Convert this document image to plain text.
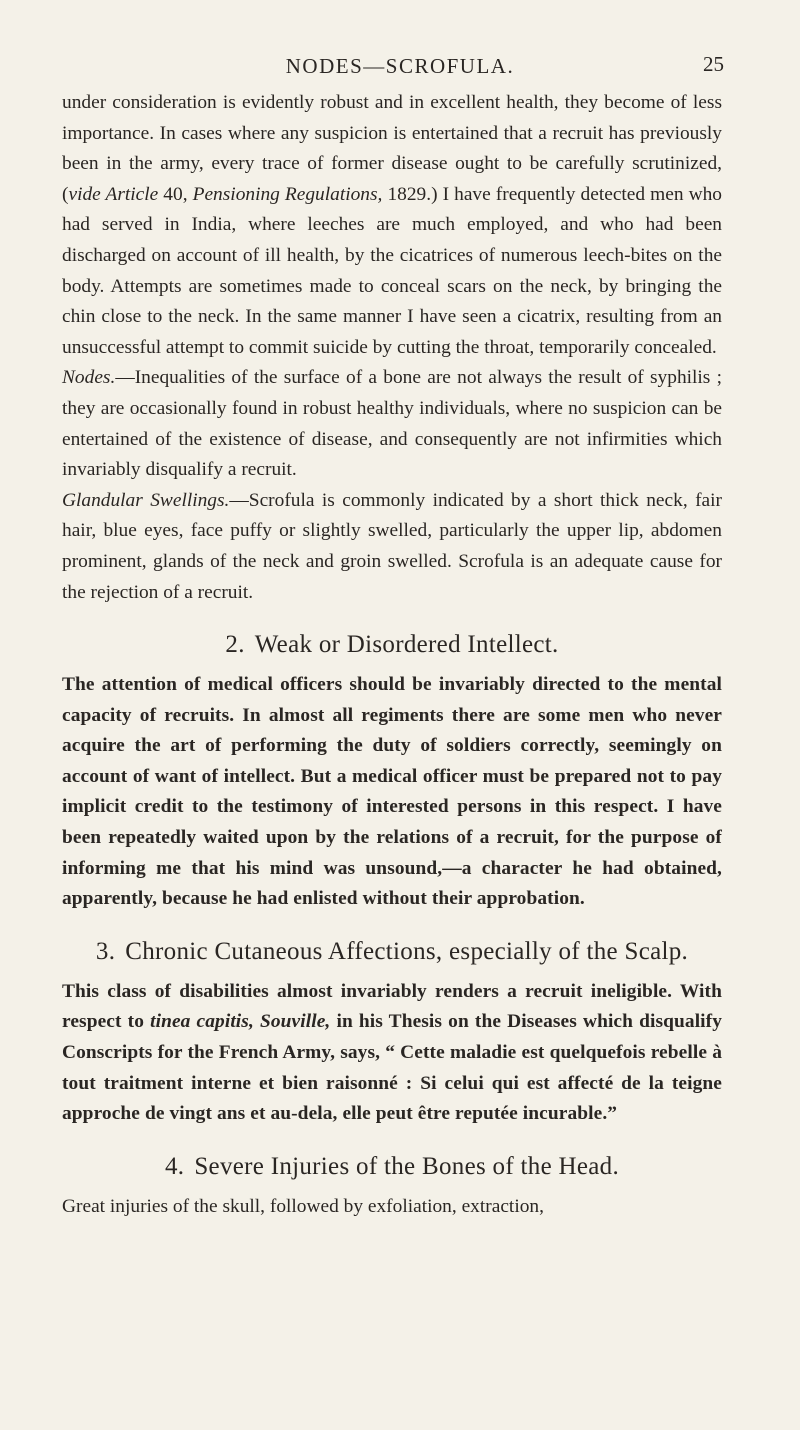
NODES—SCROFULA.	25

under consideration is evidently robust and in excellent health, they become of less importance. In cases where any suspicion is entertained that a recruit has previously been in the army, every trace of former disease ought to be carefully scrutinized, (vide Article 40, Pensioning Regulations, 1829.) I have frequently detected men who had served in India, where leeches are much employed, and who had been discharged on account of ill health, by the cicatrices of numerous leech-bites on the body. Attempts are sometimes made to conceal scars on the neck, by bringing the chin close to the neck. In the same manner I have seen a cicatrix, resulting from an unsuccessful attempt to commit suicide by cutting the throat, temporarily concealed.

Nodes.—Inequalities of the surface of a bone are not always the result of syphilis ; they are occasionally found in robust healthy individuals, where no suspicion can be entertained of the existence of disease, and consequently are not infirmities which invariably disqualify a recruit.

Glandular Swellings.—Scrofula is commonly indicated by a short thick neck, fair hair, blue eyes, face puffy or slightly swelled, particularly the upper lip, abdomen prominent, glands of the neck and groin swelled. Scrofula is an adequate cause for the rejection of a recruit.

2. Weak or Disordered Intellect.

The attention of medical officers should be invariably directed to the mental capacity of recruits. In almost all regiments there are some men who never acquire the art of performing the duty of soldiers correctly, seemingly on account of want of intellect. But a medical officer must be prepared not to pay implicit credit to the testimony of interested persons in this respect. I have been repeatedly waited upon by the relations of a recruit, for the purpose of informing me that his mind was unsound,—a character he had obtained, apparently, because he had enlisted without their approbation.

3. Chronic Cutaneous Affections, especially of the Scalp.

This class of disabilities almost invariably renders a recruit ineligible. With respect to tinea capitis, Souville, in his Thesis on the Diseases which disqualify Conscripts for the French Army, says, “ Cette maladie est quelquefois rebelle à tout traitment interne et bien raisonné : Si celui qui est affecté de la teigne approche de vingt ans et au-dela, elle peut être reputée incurable.”

4. Severe Injuries of the Bones of the Head.

Great injuries of the skull, followed by exfoliation, extraction,
